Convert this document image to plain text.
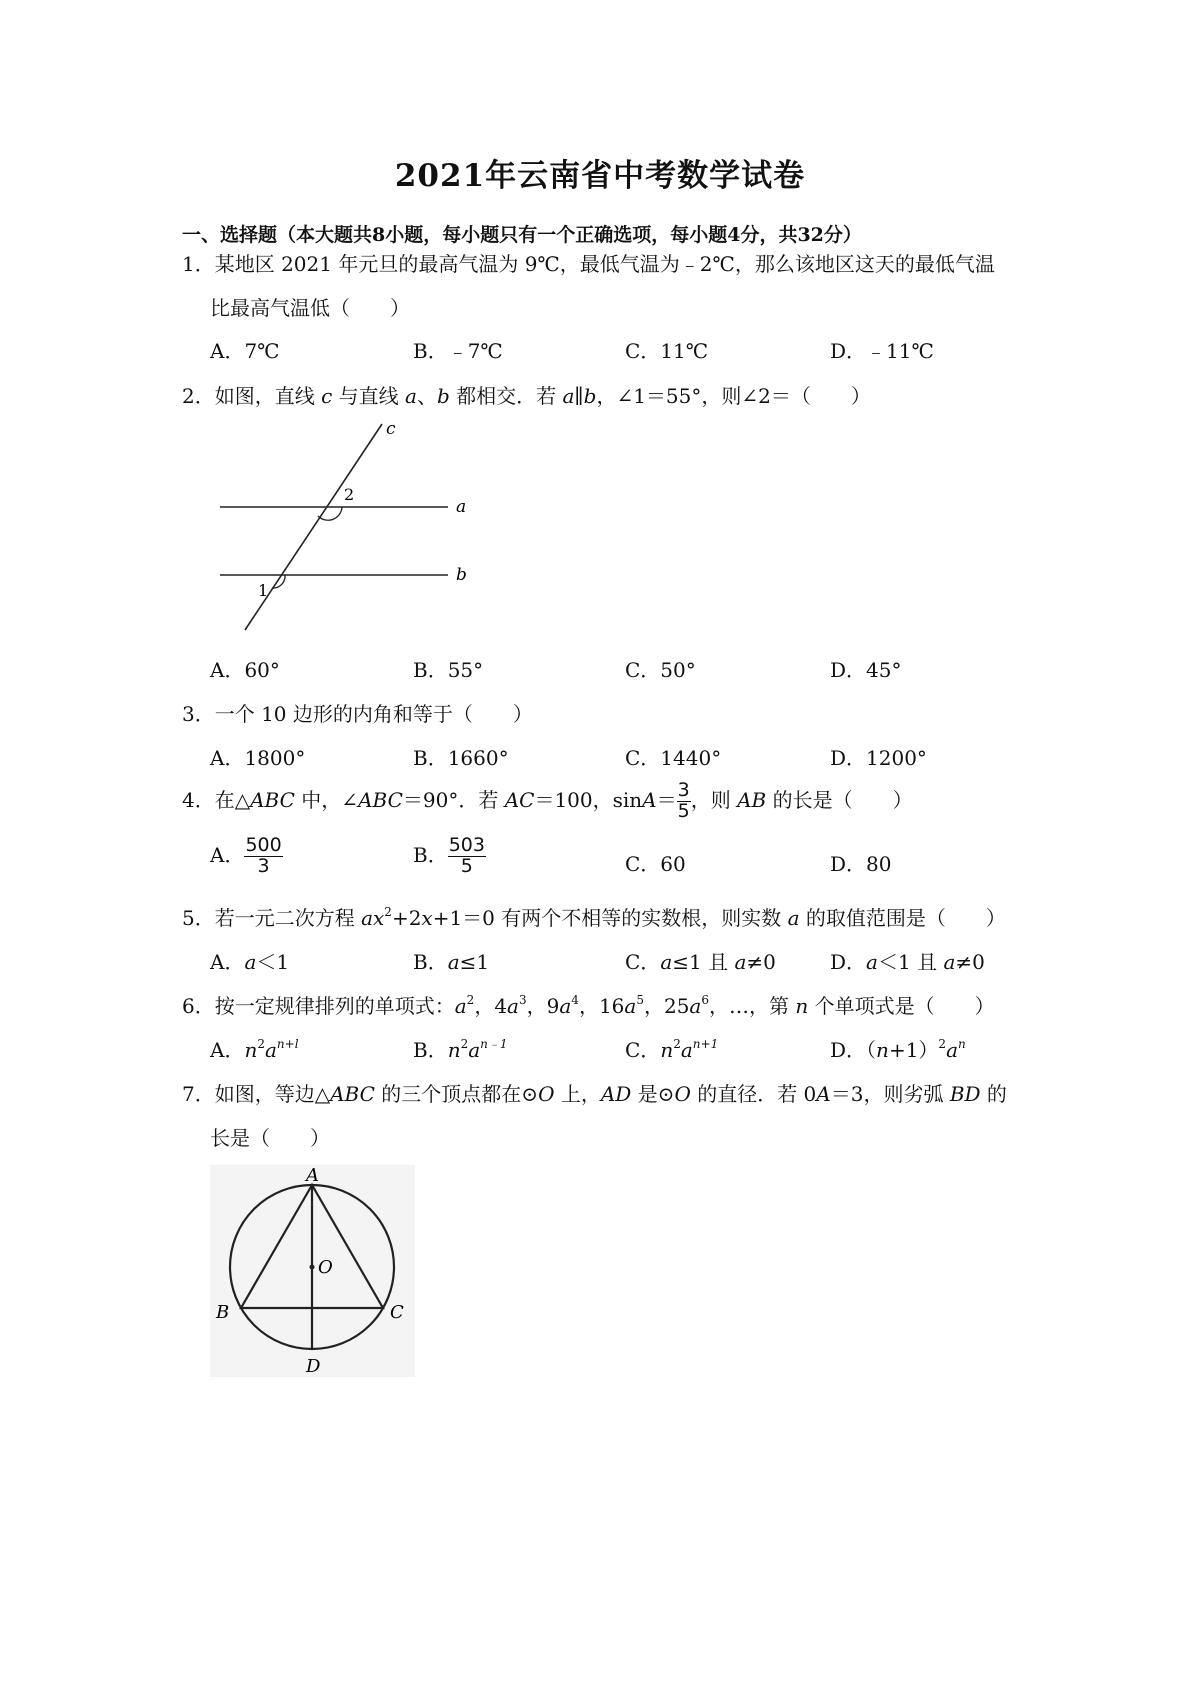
2021年云南省中考数学试卷
一、选择题（本大题共8小题，每小题只有一个正确选项，每小题4分，共32分）
1．某地区 2021 年元旦的最高气温为 9℃，最低气温为﹣2℃，那么该地区这天的最低气温
比最高气温低（　　）
A．7℃	B．﹣7℃	C．11℃	D．﹣11℃
2．如图，直线 c 与直线 a、b 都相交．若 a∥b，∠1＝55°，则∠2＝（　　）
c
a
b
2
1
A．60°	B．55°	C．50°	D．45°
3．一个 10 边形的内角和等于（　　）
A．1800°	B．1660°	C．1440°	D．1200°
4．在△ABC 中，∠ABC＝90°．若 AC＝100，$\sin A= \frac{3}{5}$ ，则 AB 的长是（　　）
A． $\frac{500}{3}$	B． $\frac{503}{5}$	C．60	D．80
5．若一元二次方程 $ax^2+2x+1=0$ 有两个不相等的实数根，则实数 a 的取值范围是（　　）
A．a＜1	B．a≤1	C．a≤1 且 a≠0	D．a＜1 且 a≠0
6．按一定规律排列的单项式：$a^2$，$4a^3$，$9a^4$，$16a^5$，$25a^6$，…，第 n 个单项式是（　　）
A．$n^2a^{n+l}$	B．$n^2a^{n﹣1}$	C．$n^2a^{n+1}$	D．$(n+1)^2a^n$
7．如图，等边△ABC 的三个顶点都在⊙O 上，AD 是⊙O 的直径．若 0A＝3，则劣弧 BD 的
长是（　　）
A
B	C
D
O
